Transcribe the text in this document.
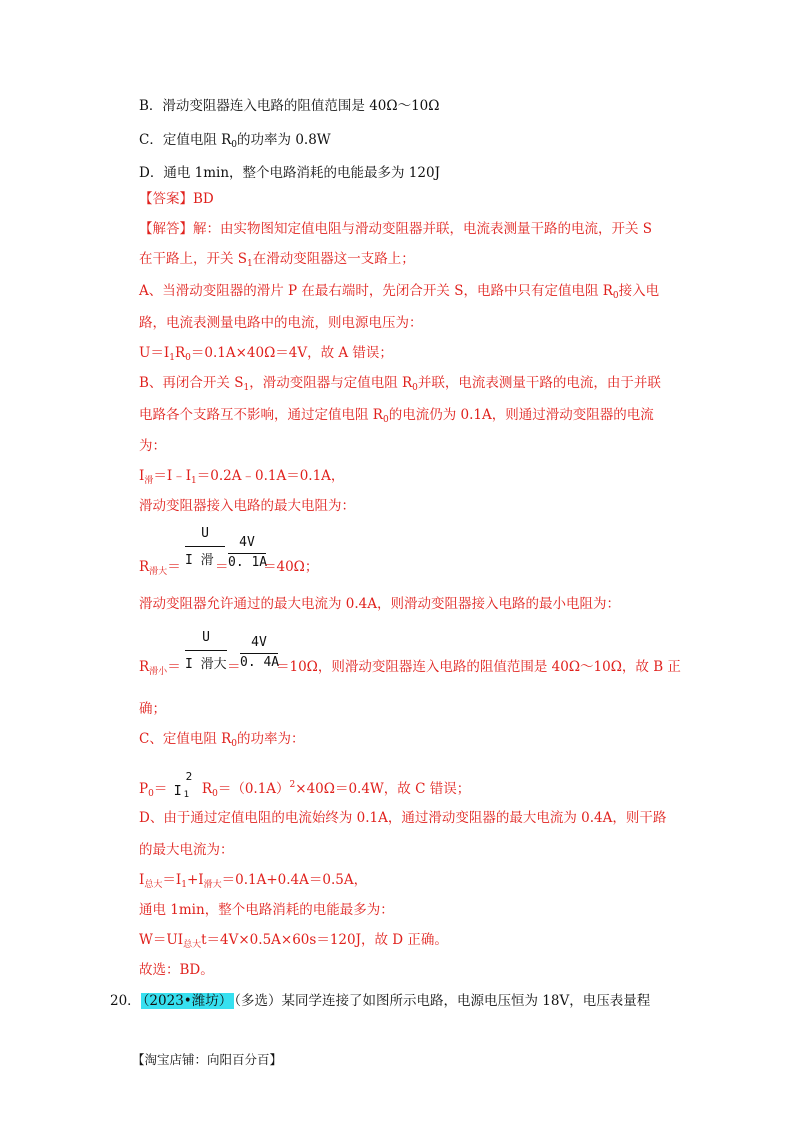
B．滑动变阻器连入电路的阻值范围是 40Ω～10Ω
C．定值电阻 $R_0$的功率为 0.8W
D．通电 1min，整个电路消耗的电能最多为 120J
【答案】BD
【解答】解：由实物图知定值电阻与滑动变阻器并联，电流表测量干路的电流，开关 S
在干路上，开关 $S_1$在滑动变阻器这一支路上；
A、当滑动变阻器的滑片 P 在最右端时，先闭合开关 S，电路中只有定值电阻 $R_0$接入电
路，电流表测量电路中的电流，则电源电压为：
$U=I_1R_0=0.1A\times 40\Omega=4V$，故 A 错误；
B、再闭合开关 $S_1$，滑动变阻器与定值电阻 $R_0$并联，电流表测量干路的电流，由于并联
电路各个支路互不影响，通过定值电阻 $R_0$的电流仍为 0.1A，则通过滑动变阻器的电流
为：
$I_滑=I﹣I_1=0.2A﹣0.1A=0.1A$，
滑动变阻器接入电路的最大电阻为：
$R_{滑大}=$
U
I 滑 ＝
4V
0. 1A
＝40Ω；
滑动变阻器允许通过的最大电流为 0.4A，则滑动变阻器接入电路的最小电阻为：
$R_{滑小}=$
U
I 滑大 ＝
4V
0. 4A
＝10Ω，则滑动变阻器连入电路的阻值范围是 40Ω～10Ω，故 B 正
确；
C、定值电阻 $R_0$的功率为：
$P_0= I$ 1
2
$R_0=(0.1A)^2\times 40\Omega=0.4W$，故 C 错误；
D、由于通过定值电阻的电流始终为 0.1A，通过滑动变阻器的最大电流为 0.4A，则干路
的最大电流为：
$I_{总大}=I_1+I_{滑大}=0.1A+0.4A=0.5A$，
通电 1min，整个电路消耗的电能最多为：
$W=UI_{总大}t=4V\times 0.5A\times 60s=120J$，故 D 正确。
故选：BD。
20． （2023•潍坊） （多选）某同学连接了如图所示电路，电源电压恒为 18V，电压表量程
【淘宝店铺：向阳百分百】
